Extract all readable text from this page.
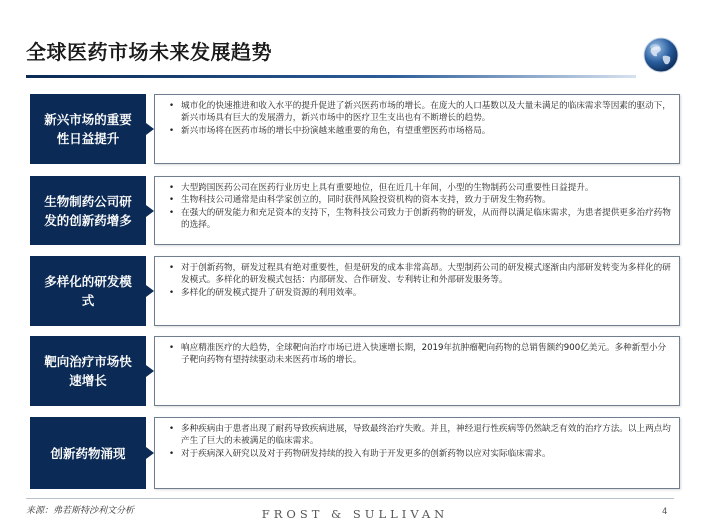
全球医药市场未来发展趋势
新兴市场的重要性日益提升
• 城市化的快速推进和收入水平的提升促进了新兴医药市场的增长。在庞大的人口基数以及大量未满足的临床需求等因素的驱动下，新兴市场具有巨大的发展潜力，新兴市场中的医疗卫生支出也有不断增长的趋势。
• 新兴市场将在医药市场的增长中扮演越来越重要的角色，有望重塑医药市场格局。
生物制药公司研发的创新药增多
• 大型跨国医药公司在医药行业历史上具有重要地位，但在近几十年间，小型的生物制药公司重要性日益提升。
• 生物科技公司通常是由科学家创立的，同时获得风险投资机构的资本支持，致力于研发生物药物。
• 在强大的研发能力和充足资本的支持下，生物科技公司致力于创新药物的研发，从而得以满足临床需求，为患者提供更多治疗药物的选择。
多样化的研发模式
• 对于创新药物，研发过程具有绝对重要性，但是研发的成本非常高昂。大型制药公司的研发模式逐渐由内部研发转变为多样化的研发模式。多样化的研发模式包括：内部研发、合作研发、专利转让和外部研发服务等。
• 多样化的研发模式提升了研发资源的利用效率。
靶向治疗市场快速增长
• 响应精准医疗的大趋势，全球靶向治疗市场已进入快速增长期，2019年抗肿瘤靶向药物的总销售额约900亿美元。多种新型小分子靶向药物有望持续驱动未来医药市场的增长。
创新药物涌现
• 多种疾病由于患者出现了耐药导致疾病进展，导致最终治疗失败。并且，神经退行性疾病等仍然缺乏有效的治疗方法。以上两点均产生了巨大的未被满足的临床需求。
• 对于疾病深入研究以及对于药物研发持续的投入有助于开发更多的创新药物以应对实际临床需求。
来源：弗若斯特沙利文分析	FROST & SULLIVAN	4
